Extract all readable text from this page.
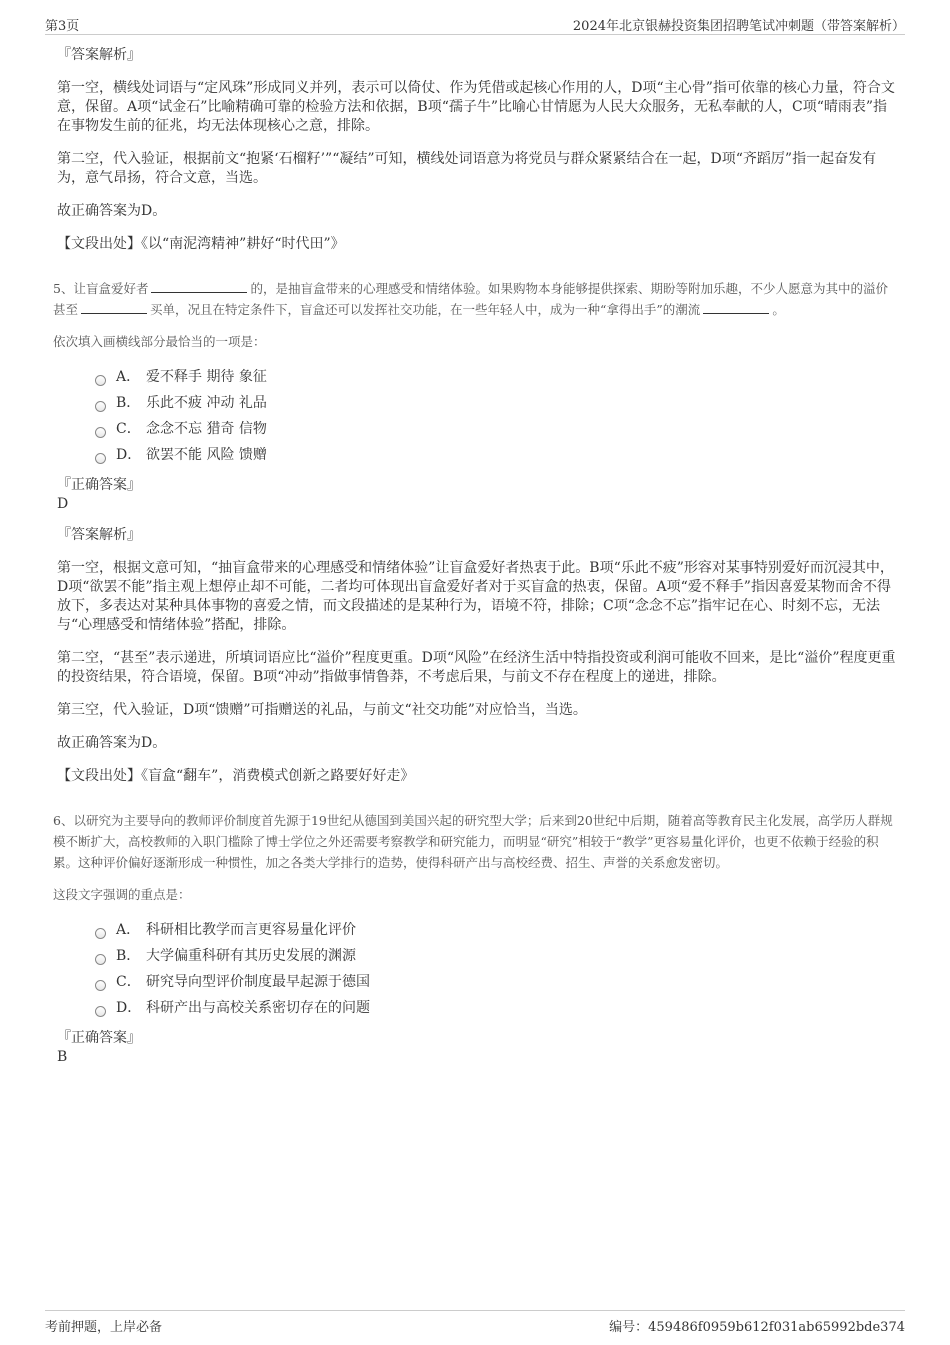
第3页	2024年北京银赫投资集团招聘笔试冲刺题（带答案解析）
『答案解析』

第一空，横线处词语与“定风珠”形成同义并列，表示可以倚仗、作为凭借或起核心作用的人，D项“主心骨”指可依靠的核心力量，符合文意，保留。A项“试金石”比喻精确可靠的检验方法和依据，B项“孺子牛”比喻心甘情愿为人民大众服务，无私奉献的人，C项“晴雨表”指在事物发生前的征兆，均无法体现核心之意，排除。

第二空，代入验证，根据前文“抱紧‘石榴籽’”“凝结”可知，横线处词语意为将党员与群众紧紧结合在一起，D项“齐蹈厉”指一起奋发有为，意气昂扬，符合文意，当选。

故正确答案为D。

【文段出处】《以“南泥湾精神”耕好“时代田”》

5、让盲盒爱好者	的，是抽盲盒带来的心理感受和情绪体验。如果购物本身能够提供探索、期盼等附加乐趣，不少人愿意为其中的溢价甚至	买单，况且在特定条件下，盲盒还可以发挥社交功能，在一些年轻人中，成为一种“拿得出手”的潮流	。

依次填入画横线部分最恰当的一项是：

A． 爱不释手 期待 象征
B． 乐此不疲 冲动 礼品
C． 念念不忘 猎奇 信物
D． 欲罢不能 风险 馈赠
『正确答案』
D
『答案解析』

第一空，根据文意可知，“抽盲盒带来的心理感受和情绪体验”让盲盒爱好者热衷于此。B项“乐此不疲”形容对某事特别爱好而沉浸其中，D项“欲罢不能”指主观上想停止却不可能，二者均可体现出盲盒爱好者对于买盲盒的热衷，保留。A项“爱不释手”指因喜爱某物而舍不得放下，多表达对某种具体事物的喜爱之情，而文段描述的是某种行为，语境不符，排除；C项“念念不忘”指牢记在心、时刻不忘，无法与“心理感受和情绪体验”搭配，排除。

第二空，“甚至”表示递进，所填词语应比“溢价”程度更重。D项“风险”在经济生活中特指投资或利润可能收不回来，是比“溢价”程度更重的投资结果，符合语境，保留。B项“冲动”指做事情鲁莽，不考虑后果，与前文不存在程度上的递进，排除。

第三空，代入验证，D项“馈赠”可指赠送的礼品，与前文“社交功能”对应恰当，当选。

故正确答案为D。

【文段出处】《盲盒“翻车”，消费模式创新之路要好好走》

6、以研究为主要导向的教师评价制度首先源于19世纪从德国到美国兴起的研究型大学；后来到20世纪中后期，随着高等教育民主化发展，高学历人群规模不断扩大，高校教师的入职门槛除了博士学位之外还需要考察教学和研究能力，而明显“研究”相较于“教学”更容易量化评价，也更不依赖于经验的积累。这种评价偏好逐渐形成一种惯性，加之各类大学排行的造势，使得科研产出与高校经费、招生、声誉的关系愈发密切。

这段文字强调的重点是：

A． 科研相比教学而言更容易量化评价
B． 大学偏重科研有其历史发展的渊源
C． 研究导向型评价制度最早起源于德国
D． 科研产出与高校关系密切存在的问题
『正确答案』
B
考前押题，上岸必备	编号：459486f0959b612f031ab65992bde374
